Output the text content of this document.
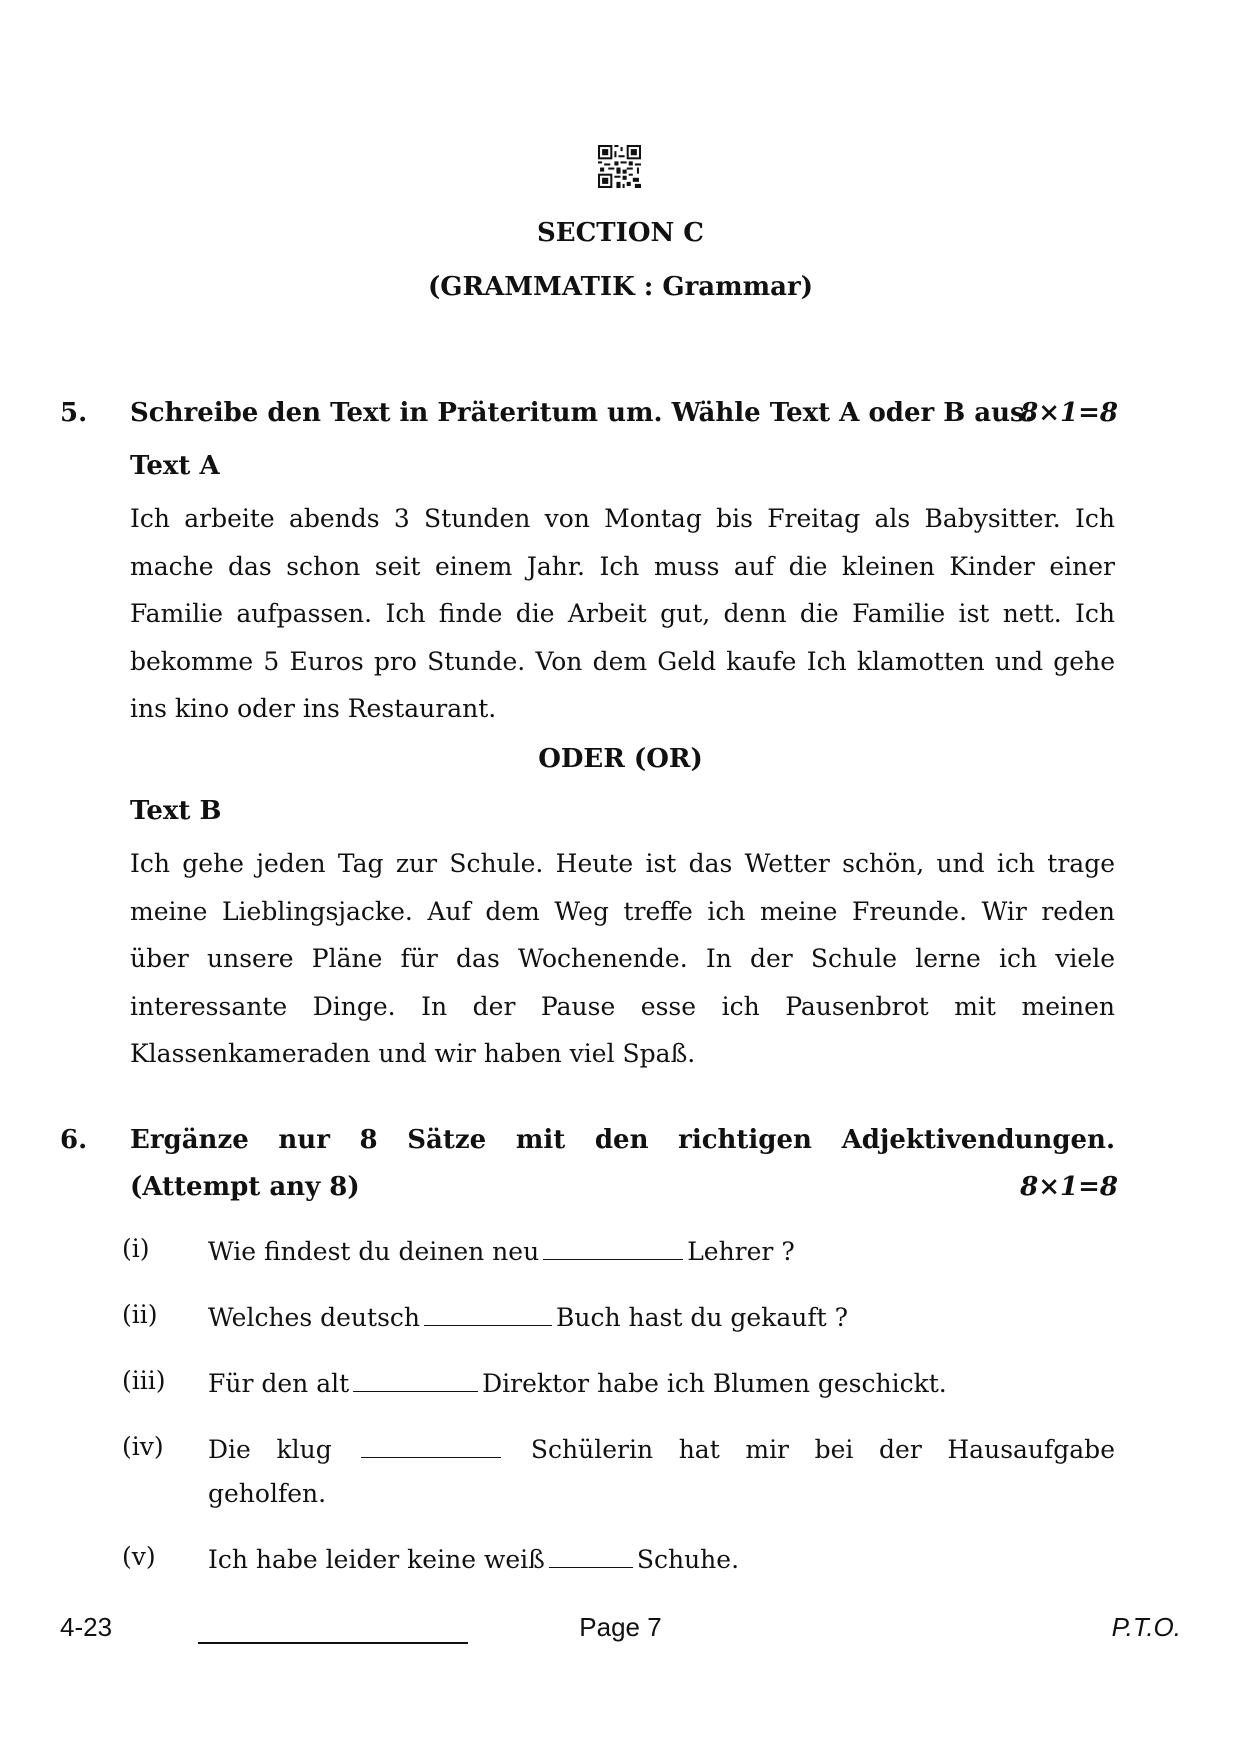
SECTION C
(GRAMMATIK : Grammar)
5. Schreibe den Text in Präteritum um. Wähle Text A oder B aus.
8×1=8
Text A
Ich arbeite abends 3 Stunden von Montag bis Freitag als Babysitter. Ich mache das schon seit einem Jahr. Ich muss auf die kleinen Kinder einer Familie aufpassen. Ich finde die Arbeit gut, denn die Familie ist nett. Ich bekomme 5 Euros pro Stunde. Von dem Geld kaufe Ich klamotten und gehe ins kino oder ins Restaurant.
ODER (OR)
Text B
Ich gehe jeden Tag zur Schule. Heute ist das Wetter schön, und ich trage meine Lieblingsjacke. Auf dem Weg treffe ich meine Freunde. Wir reden über unsere Pläne für das Wochenende. In der Schule lerne ich viele interessante Dinge. In der Pause esse ich Pausenbrot mit meinen Klassenkameraden und wir haben viel Spaß.
6. Ergänze nur 8 Sätze mit den richtigen Adjektivendungen.
(Attempt any 8)	8×1=8
(i) Wie findest du deinen neu	Lehrer ?
(ii) Welches deutsch	Buch hast du gekauft ?
(iii) Für den alt	Direktor habe ich Blumen geschickt.
(iv) Die klug	Schülerin hat mir bei der Hausaufgabe
geholfen.
(v) Ich habe leider keine weiß	Schuhe.
4-23	Page 7	P.T.O.
